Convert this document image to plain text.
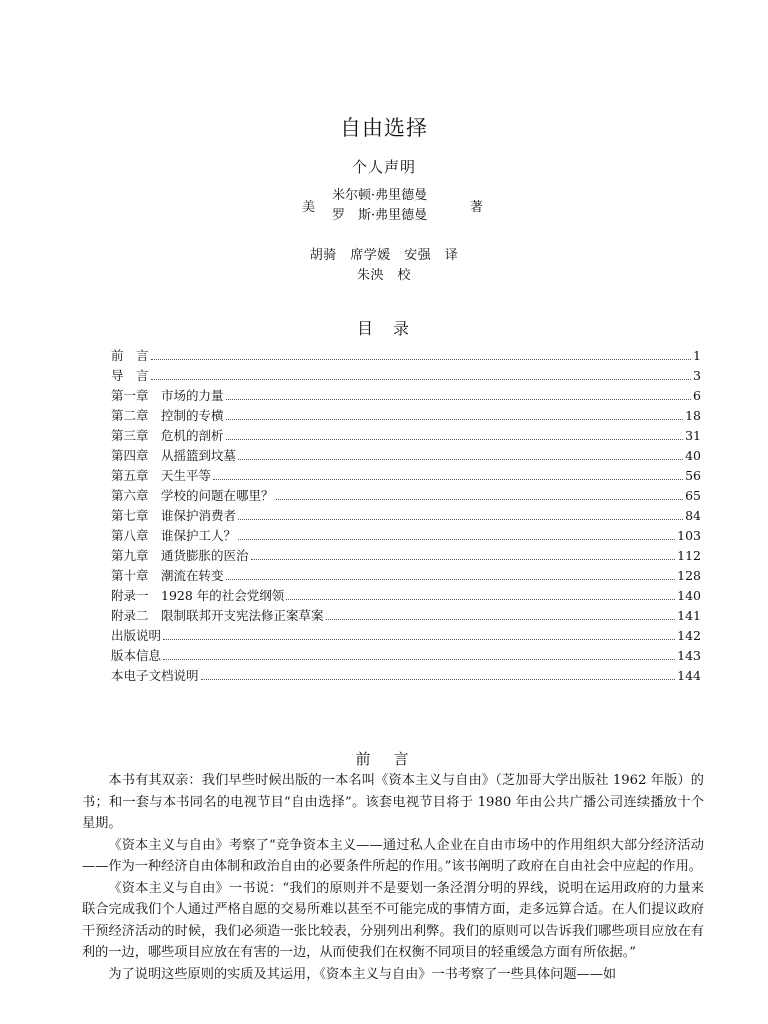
自由选择
个人声明
美
米尔顿·弗里德曼
罗　斯·弗里德曼
著
胡骑　席学媛　安强　译
朱泱　校
目　录
前　言	1
导　言	3
第一章　市场的力量	6
第二章　控制的专横	18
第三章　危机的剖析	31
第四章　从摇篮到坟墓	40
第五章　天生平等	56
第六章　学校的问题在哪里？	65
第七章　谁保护消费者	84
第八章　谁保护工人？	103
第九章　通货膨胀的医治	112
第十章　潮流在转变	128
附录一　1928 年的社会党纲领	140
附录二　限制联邦开支宪法修正案草案	141
出版说明	142
版本信息	143
本电子文档说明	144
前　言

本书有其双亲：我们早些时候出版的一本名叫《资本主义与自由》（芝加哥大学出版社 1962 年版）的书；和一套与本书同名的电视节目“自由选择”。该套电视节目将于 1980 年由公共广播公司连续播放十个星期。

《资本主义与自由》考察了“竞争资本主义——通过私人企业在自由市场中的作用组织大部分经济活动——作为一种经济自由体制和政治自由的必要条件所起的作用。”该书阐明了政府在自由社会中应起的作用。

《资本主义与自由》一书说：“我们的原则并不是要划一条泾渭分明的界线，说明在运用政府的力量来联合完成我们个人通过严格自愿的交易所难以甚至不可能完成的事情方面，走多远算合适。在人们提议政府干预经济活动的时候，我们必须造一张比较表，分别列出利弊。我们的原则可以告诉我们哪些项目应放在有利的一边，哪些项目应放在有害的一边，从而使我们在权衡不同项目的轻重缓急方面有所依据。”

为了说明这些原则的实质及其运用，《资本主义与自由》一书考察了一些具体问题——如
